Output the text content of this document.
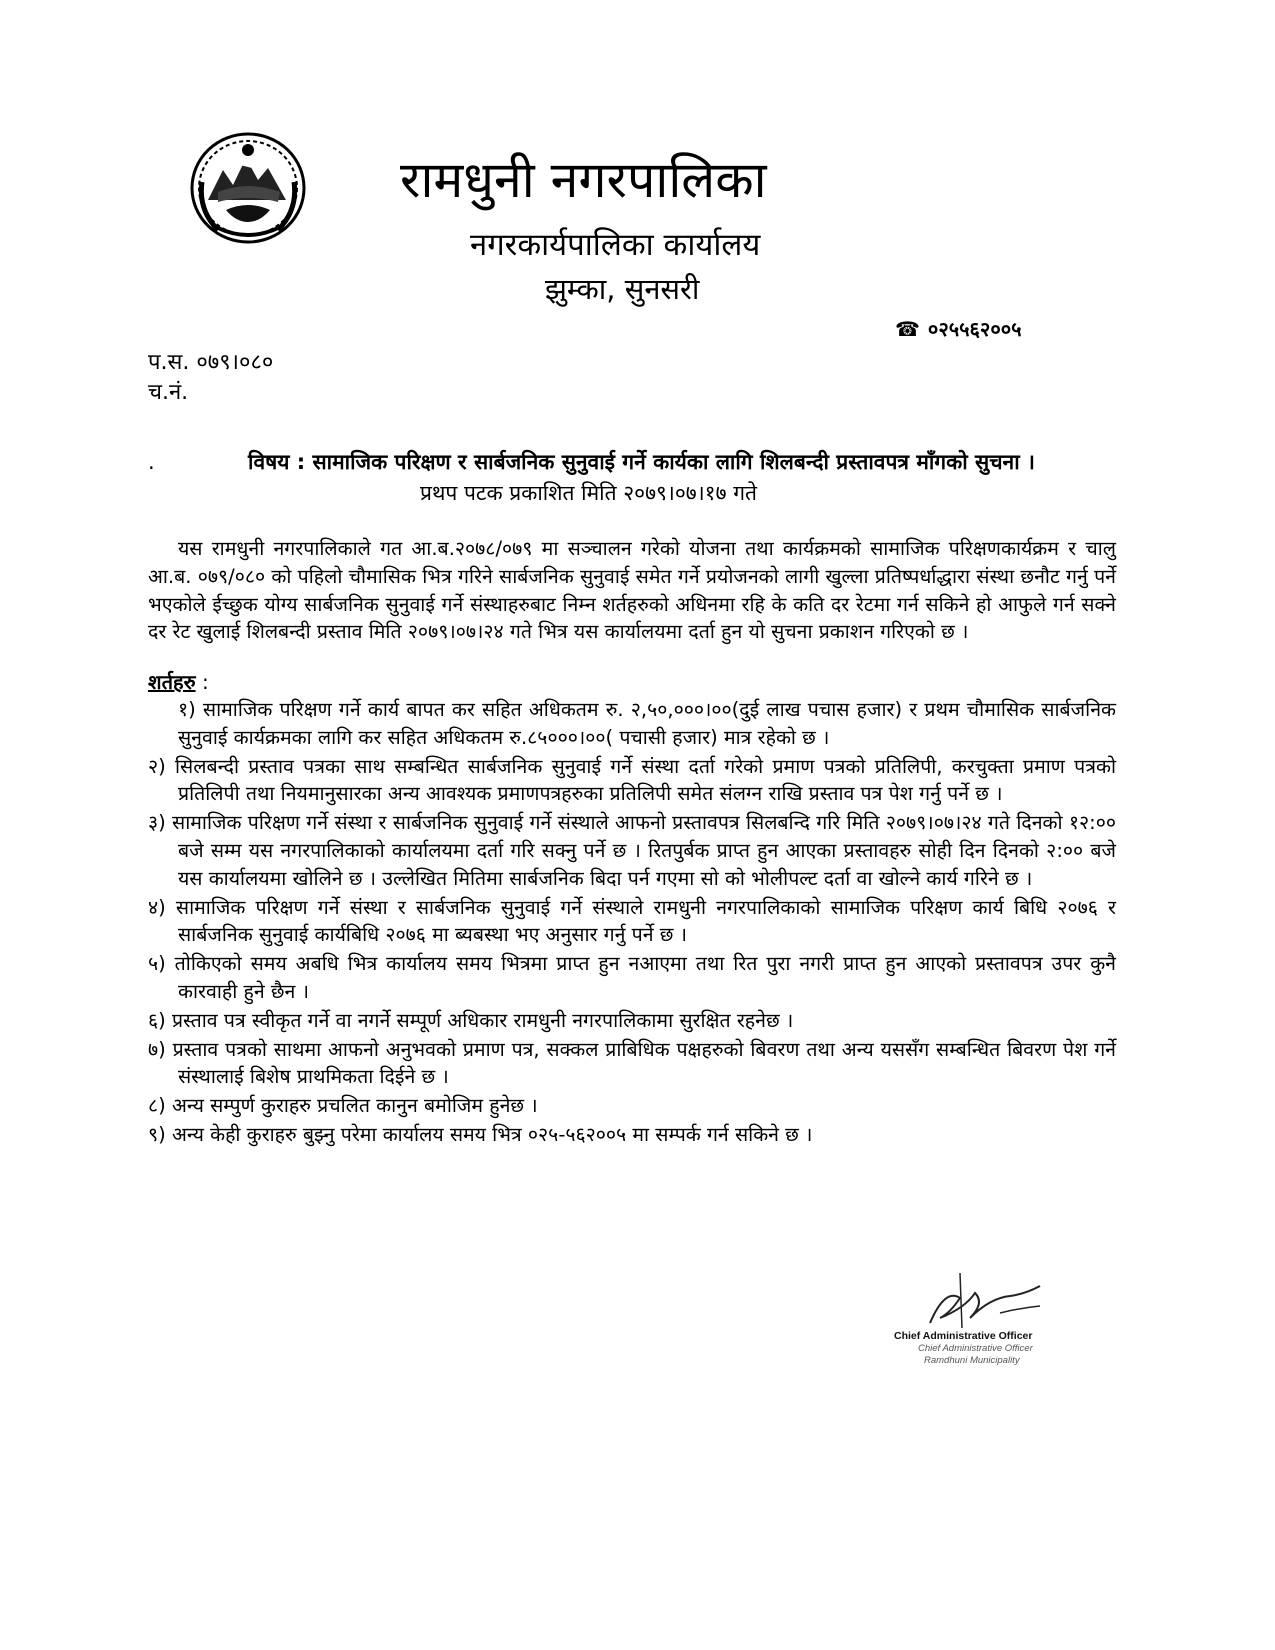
रामधुनी नगरपालिका
नगरकार्यपालिका कार्यालय
झुम्का, सुनसरी
☎ ०२५५६२००५
प.स. ०७९।०८०
च.नं.
.	विषय : सामाजिक परिक्षण र सार्बजनिक सुनुवाई गर्ने कार्यका लागि शिलबन्दी प्रस्तावपत्र माँगको सुचना ।
प्रथप पटक प्रकाशित मिति २०७९।०७।१७ गते
यस रामधुनी नगरपालिकाले गत आ.ब.२०७८/०७९ मा सञ्चालन गरेको योजना तथा कार्यक्रमको सामाजिक परिक्षणकार्यक्रम र चालु आ.ब. ०७९/०८० को पहिलो चौमासिक भित्र गरिने सार्बजनिक सुनुवाई समेत गर्ने प्रयोजनको लागी खुल्ला प्रतिष्पर्धाद्धारा संस्था छनौट गर्नु पर्ने भएकोले ईच्छुक योग्य सार्बजनिक सुनुवाई गर्ने संस्थाहरुबाट निम्न शर्तहरुको अधिनमा रहि के कति दर रेटमा गर्न सकिने हो आफुले गर्न सक्ने दर रेट खुलाई शिलबन्दी प्रस्ताव मिति २०७९।०७।२४ गते भित्र यस कार्यालयमा दर्ता हुन यो सुचना प्रकाशन गरिएको छ ।
शर्तहरु :
१) सामाजिक परिक्षण गर्ने कार्य बापत कर सहित अधिकतम रु. २,५०,०००।००(दुई लाख पचास हजार) र प्रथम चौमासिक सार्बजनिक सुनुवाई कार्यक्रमका लागि कर सहित अधिकतम रु.८५०००।००( पचासी हजार) मात्र रहेको छ ।
२) सिलबन्दी प्रस्ताव पत्रका साथ सम्बन्धित सार्बजनिक सुनुवाई गर्ने संस्था दर्ता गरेको प्रमाण पत्रको प्रतिलिपी, करचुक्ता प्रमाण पत्रको प्रतिलिपी तथा नियमानुसारका अन्य आवश्यक प्रमाणपत्रहरुका प्रतिलिपी समेत संलग्न राखि प्रस्ताव पत्र पेश गर्नु पर्ने छ ।
३) सामाजिक परिक्षण गर्ने संस्था र सार्बजनिक सुनुवाई गर्ने संस्थाले आफनो प्रस्तावपत्र सिलबन्दि गरि मिति २०७९।०७।२४ गते दिनको १२:०० बजे सम्म यस नगरपालिकाको कार्यालयमा दर्ता गरि सक्नु पर्ने छ । रितपुर्बक प्राप्त हुन आएका प्रस्तावहरु सोही दिन दिनको २:०० बजे यस कार्यालयमा खोलिने छ । उल्लेखित मितिमा सार्बजनिक बिदा पर्न गएमा सो को भोलीपल्ट दर्ता वा खोल्ने कार्य गरिने छ ।
४) सामाजिक परिक्षण गर्ने संस्था र सार्बजनिक सुनुवाई गर्ने संस्थाले रामधुनी नगरपालिकाको सामाजिक परिक्षण कार्य बिधि २०७६ र सार्बजनिक सुनुवाई कार्यबिधि २०७६ मा ब्यबस्था भए अनुसार गर्नु पर्ने छ ।
५) तोकिएको समय अबधि भित्र कार्यालय समय भित्रमा प्राप्त हुन नआएमा तथा रित पुरा नगरी प्राप्त हुन आएको प्रस्तावपत्र उपर कुनै कारवाही हुने छैन ।
६) प्रस्ताव पत्र स्वीकृत गर्ने वा नगर्ने सम्पूर्ण अधिकार रामधुनी नगरपालिकामा सुरक्षित रहनेछ ।
७) प्रस्ताव पत्रको साथमा आफनो अनुभवको प्रमाण पत्र, सक्कल प्राबिधिक पक्षहरुको बिवरण तथा अन्य यससँग सम्बन्धित बिवरण पेश गर्ने संस्थालाई बिशेष प्राथमिकता दिईने छ ।
८) अन्य सम्पुर्ण कुराहरु प्रचलित कानुन बमोजिम हुनेछ ।
९) अन्य केही कुराहरु बुझ्नु परेमा कार्यालय समय भित्र ०२५-५६२००५ मा सम्पर्क गर्न सकिने छ ।
Chief Administrative Officer
Chief Administrative Officer
Ramdhuni Municipality
